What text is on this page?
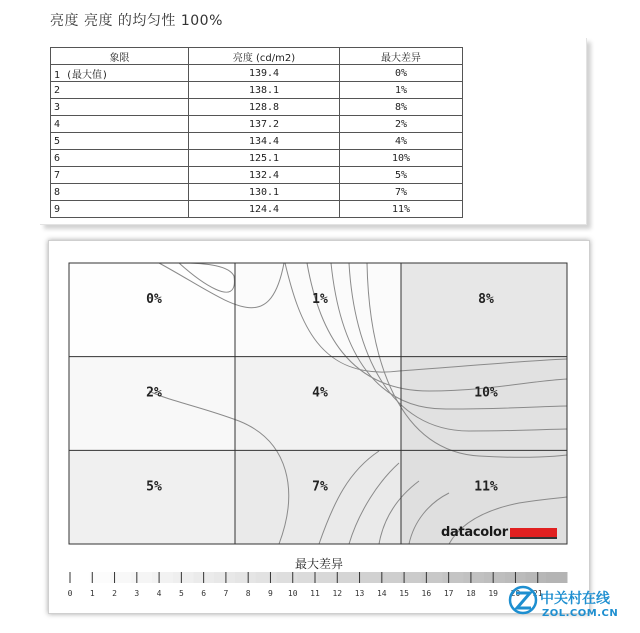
亮度 亮度 的均匀性 100%
象限	亮度 (cd/m2)	最大差异
1 (最大值)	139.4	0%
2	138.1	1%
3	128.8	8%
4	137.2	2%
5	134.4	4%
6	125.1	10%
7	132.4	5%
8	130.1	7%
9	124.4	11%
0%	1%	8%
2%	4%	10%
5%	7%	11%
0 1 2 3 4 5 6 7 8 9 10 11 12 13 14 15 16 17 18 19 20 21
datacolor
最大差异
中关村在线
ZOL.COM.CN
